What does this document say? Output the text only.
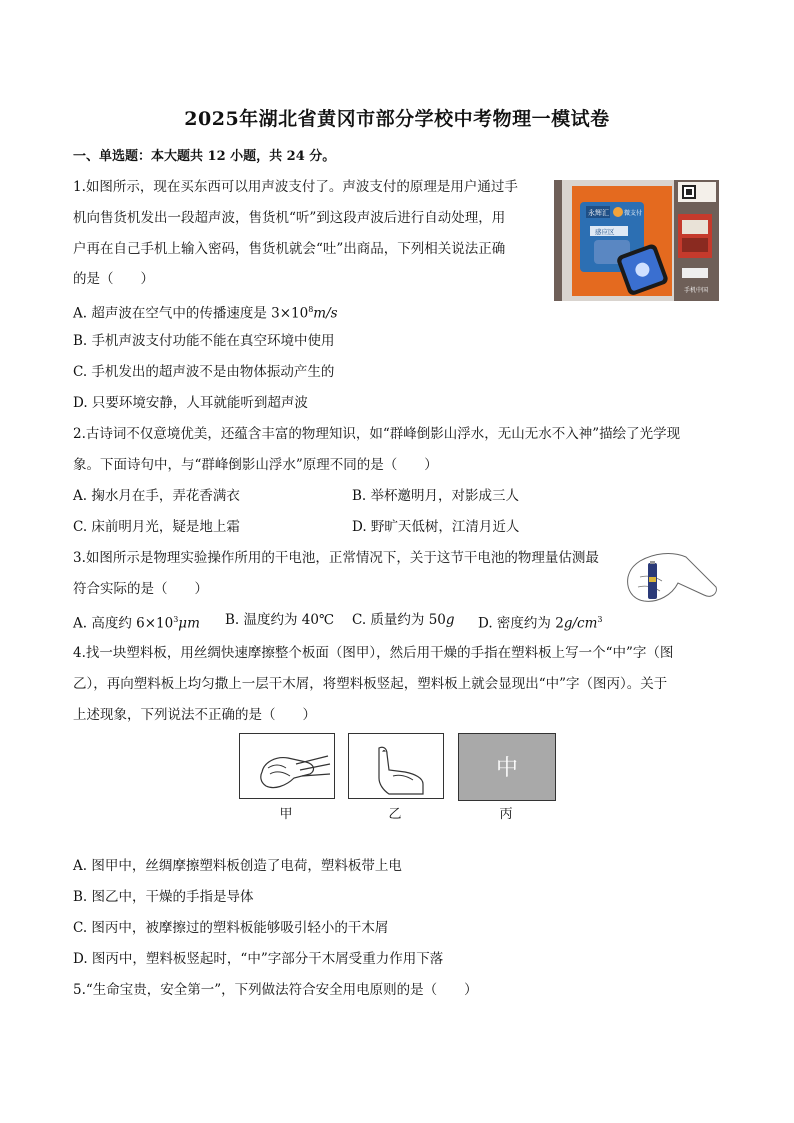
2025年湖北省黄冈市部分学校中考物理一模试卷
一、单选题：本大题共 12 小题，共 24 分。
1.如图所示，现在买东西可以用声波支付了。声波支付的原理是用户通过手
机向售货机发出一段超声波，售货机“听”到这段声波后进行自动处理，用
户再在自己手机上输入密码，售货机就会“吐”出商品，下列相关说法正确
的是（　　）
永辉汇	微支付
感应区
手机中国
A. 超声波在空气中的传播速度是 $3\times 10^8m/s$
B. 手机声波支付功能不能在真空环境中使用
C. 手机发出的超声波不是由物体振动产生的
D. 只要环境安静，人耳就能听到超声波
2.古诗词不仅意境优美，还蕴含丰富的物理知识，如“群峰倒影山浮水，无山无水不入神”描绘了光学现
象。下面诗句中，与“群峰倒影山浮水”原理不同的是（　　）
A. 掬水月在手，弄花香满衣	B. 举杯邀明月，对影成三人
C. 床前明月光，疑是地上霜	D. 野旷天低树，江清月近人
3.如图所示是物理实验操作所用的干电池，正常情况下，关于这节干电池的物理量估测最
符合实际的是（　　）
A. 高度约 $6\times 10^3\mu m$ B. 温度约为 40℃ C. 质量约为 50g D. 密度约为 $2g/cm^3$
4.找一块塑料板，用丝绸快速摩擦整个板面（图甲），然后用干燥的手指在塑料板上写一个“中”字（图
乙），再向塑料板上均匀撒上一层干木屑，将塑料板竖起，塑料板上就会显现出“中”字（图丙）。关于
上述现象，下列说法不正确的是（　　）
中
甲	乙	丙
A. 图甲中，丝绸摩擦塑料板创造了电荷，塑料板带上电
B. 图乙中，干燥的手指是导体
C. 图丙中，被摩擦过的塑料板能够吸引轻小的干木屑
D. 图丙中，塑料板竖起时，“中”字部分干木屑受重力作用下落
5.“生命宝贵，安全第一”，下列做法符合安全用电原则的是（　　）
